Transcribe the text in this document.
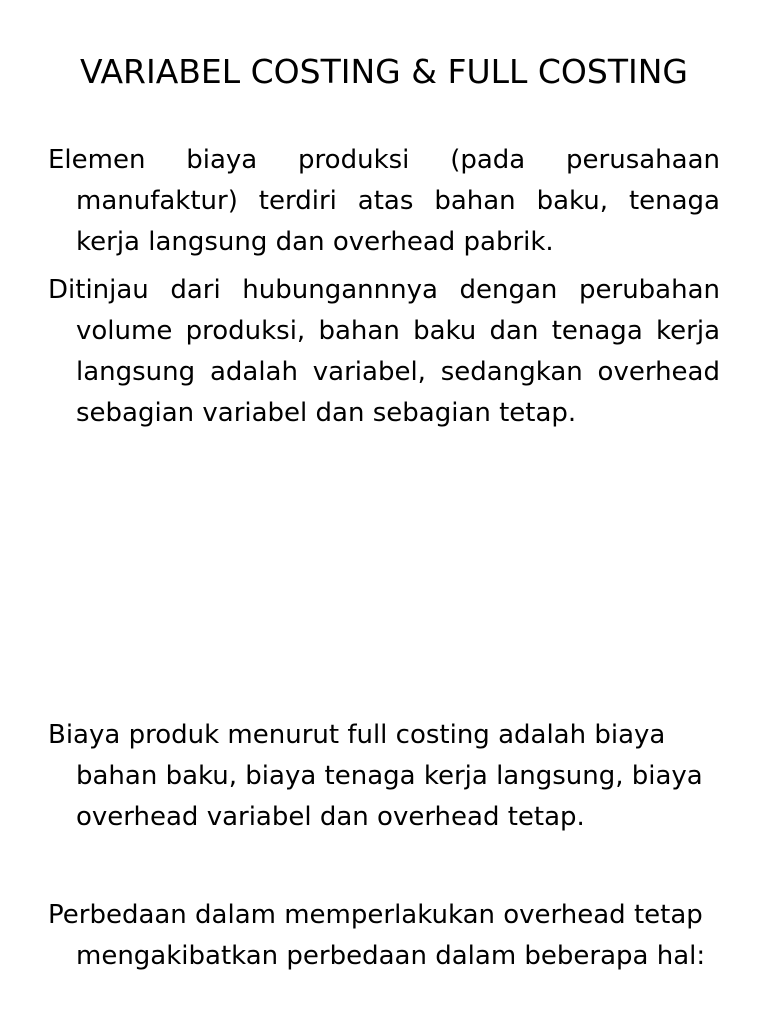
VARIABEL COSTING & FULL COSTING

Elemen biaya produksi (pada perusahaan manufaktur) terdiri atas bahan baku, tenaga kerja langsung dan overhead pabrik.

Ditinjau dari hubungannnya dengan perubahan volume produksi, bahan baku dan tenaga kerja langsung adalah variabel, sedangkan overhead sebagian variabel dan sebagian tetap.

Biaya produk menurut full costing adalah biaya bahan baku, biaya tenaga kerja langsung, biaya overhead variabel dan overhead tetap.

Perbedaan dalam memperlakukan overhead tetap mengakibatkan perbedaan dalam beberapa hal:
